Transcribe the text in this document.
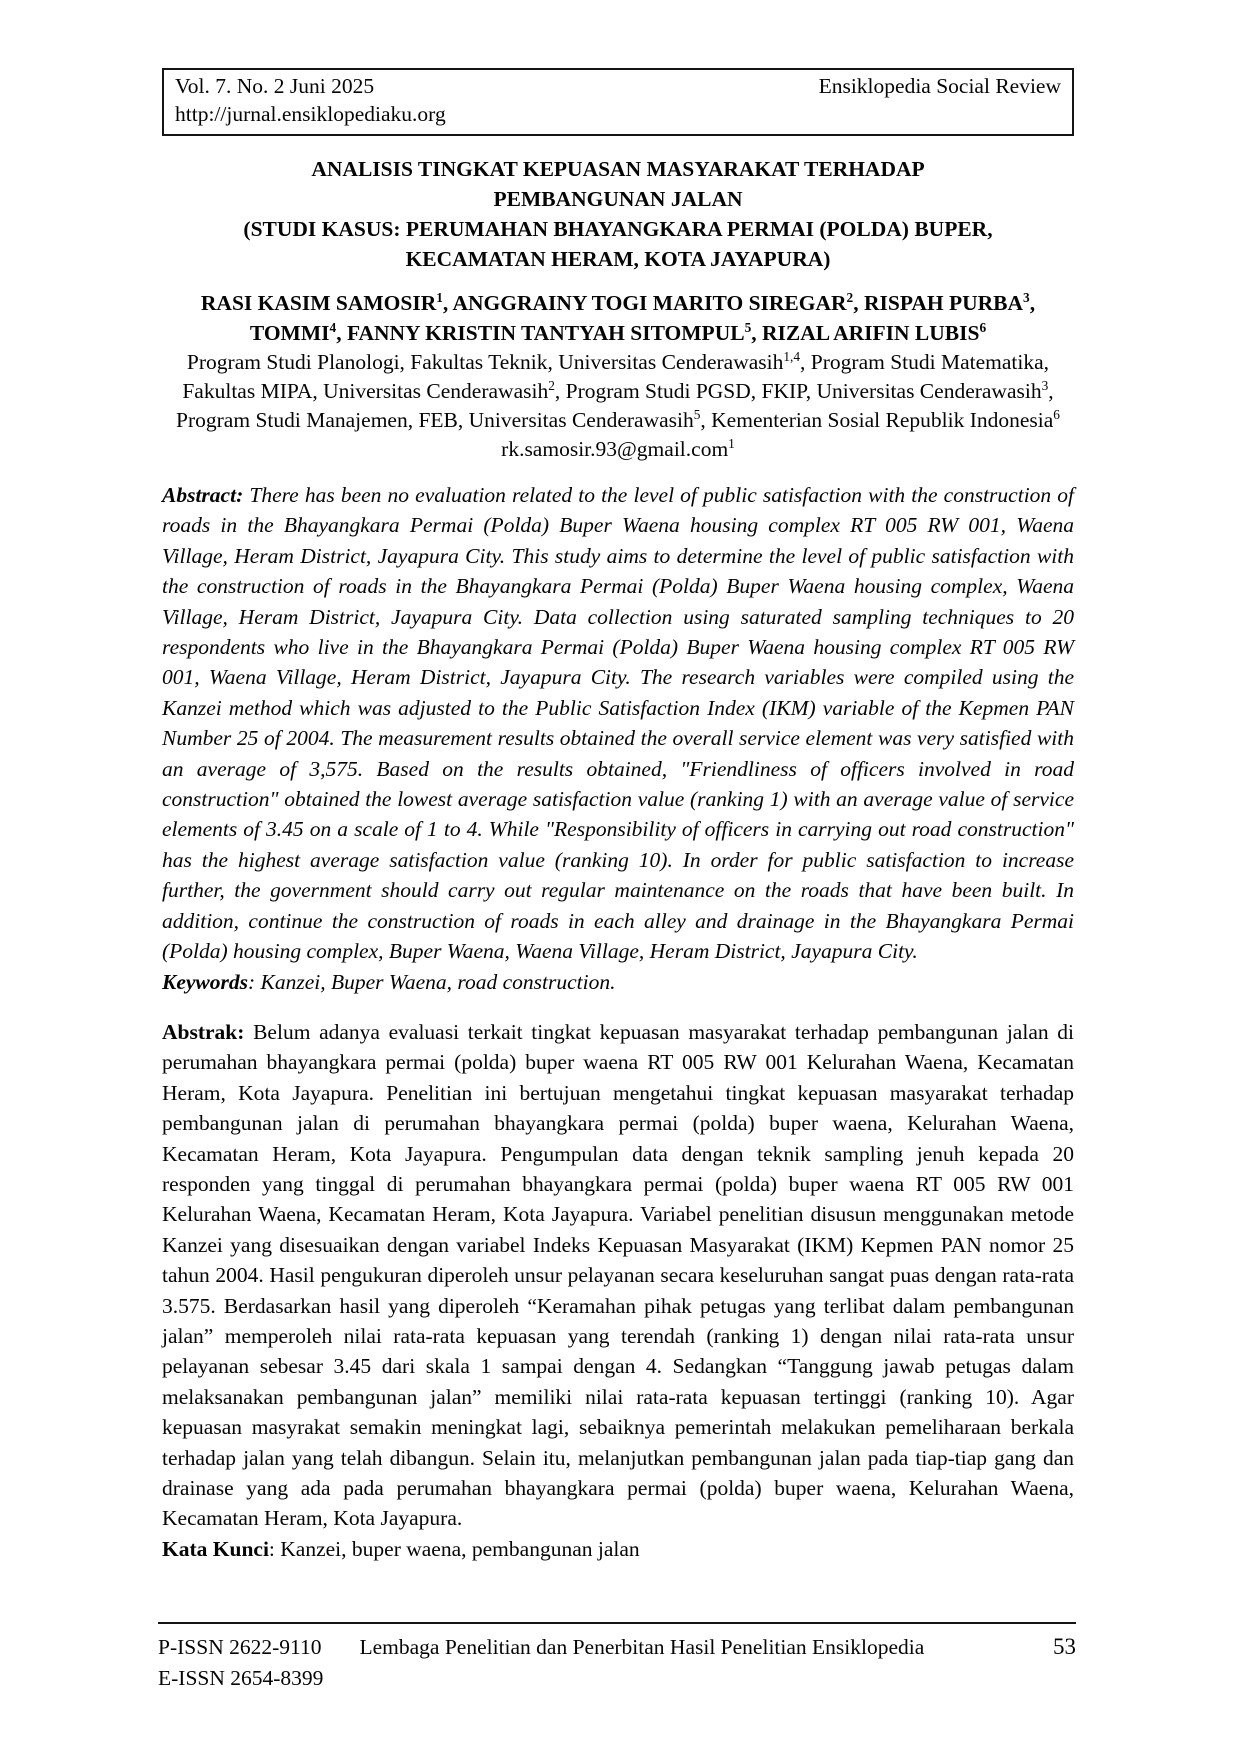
Vol. 7. No. 2 Juni 2025	Ensiklopedia Social Review
http://jurnal.ensiklopediaku.org
ANALISIS TINGKAT KEPUASAN MASYARAKAT TERHADAP
PEMBANGUNAN JALAN
(STUDI KASUS: PERUMAHAN BHAYANGKARA PERMAI (POLDA) BUPER,
KECAMATAN HERAM, KOTA JAYAPURA)
RASI KASIM SAMOSIR$^1$, ANGGRAINY TOGI MARITO SIREGAR$^2$, RISPAH PURBA$^3$,
TOMMI$^4$, FANNY KRISTIN TANTYAH SITOMPUL$^5$, RIZAL ARIFIN LUBIS$^6$
Program Studi Planologi, Fakultas Teknik, Universitas Cenderawasih$^{1,4}$, Program Studi Matematika, Fakultas MIPA, Universitas Cenderawasih$^2$, Program Studi PGSD, FKIP, Universitas Cenderawasih$^3$, Program Studi Manajemen, FEB, Universitas Cenderawasih$^5$, Kementerian Sosial Republik Indonesia$^6$
rk.samosir.93@gmail.com$^1$
Abstract: There has been no evaluation related to the level of public satisfaction with the construction of roads in the Bhayangkara Permai (Polda) Buper Waena housing complex RT 005 RW 001, Waena Village, Heram District, Jayapura City. This study aims to determine the level of public satisfaction with the construction of roads in the Bhayangkara Permai (Polda) Buper Waena housing complex, Waena Village, Heram District, Jayapura City. Data collection using saturated sampling techniques to 20 respondents who live in the Bhayangkara Permai (Polda) Buper Waena housing complex RT 005 RW 001, Waena Village, Heram District, Jayapura City. The research variables were compiled using the Kanzei method which was adjusted to the Public Satisfaction Index (IKM) variable of the Kepmen PAN Number 25 of 2004. The measurement results obtained the overall service element was very satisfied with an average of 3,575. Based on the results obtained, "Friendliness of officers involved in road construction" obtained the lowest average satisfaction value (ranking 1) with an average value of service elements of 3.45 on a scale of 1 to 4. While "Responsibility of officers in carrying out road construction" has the highest average satisfaction value (ranking 10). In order for public satisfaction to increase further, the government should carry out regular maintenance on the roads that have been built. In addition, continue the construction of roads in each alley and drainage in the Bhayangkara Permai (Polda) housing complex, Buper Waena, Waena Village, Heram District, Jayapura City.
Keywords: Kanzei, Buper Waena, road construction.
Abstrak: Belum adanya evaluasi terkait tingkat kepuasan masyarakat terhadap pembangunan jalan di perumahan bhayangkara permai (polda) buper waena RT 005 RW 001 Kelurahan Waena, Kecamatan Heram, Kota Jayapura. Penelitian ini bertujuan mengetahui tingkat kepuasan masyarakat terhadap pembangunan jalan di perumahan bhayangkara permai (polda) buper waena, Kelurahan Waena, Kecamatan Heram, Kota Jayapura. Pengumpulan data dengan teknik sampling jenuh kepada 20 responden yang tinggal di perumahan bhayangkara permai (polda) buper waena RT 005 RW 001 Kelurahan Waena, Kecamatan Heram, Kota Jayapura. Variabel penelitian disusun menggunakan metode Kanzei yang disesuaikan dengan variabel Indeks Kepuasan Masyarakat (IKM) Kepmen PAN nomor 25 tahun 2004. Hasil pengukuran diperoleh unsur pelayanan secara keseluruhan sangat puas dengan rata-rata 3.575. Berdasarkan hasil yang diperoleh “Keramahan pihak petugas yang terlibat dalam pembangunan jalan” memperoleh nilai rata-rata kepuasan yang terendah (ranking 1) dengan nilai rata-rata unsur pelayanan sebesar 3.45 dari skala 1 sampai dengan 4. Sedangkan “Tanggung jawab petugas dalam melaksanakan pembangunan jalan” memiliki nilai rata-rata kepuasan tertinggi (ranking 10). Agar kepuasan masyrakat semakin meningkat lagi, sebaiknya pemerintah melakukan pemeliharaan berkala terhadap jalan yang telah dibangun. Selain itu, melanjutkan pembangunan jalan pada tiap-tiap gang dan drainase yang ada pada perumahan bhayangkara permai (polda) buper waena, Kelurahan Waena, Kecamatan Heram, Kota Jayapura.
Kata Kunci: Kanzei, buper waena, pembangunan jalan
P-ISSN 2622-9110 Lembaga Penelitian dan Penerbitan Hasil Penelitian Ensiklopedia	53
E-ISSN 2654-8399
